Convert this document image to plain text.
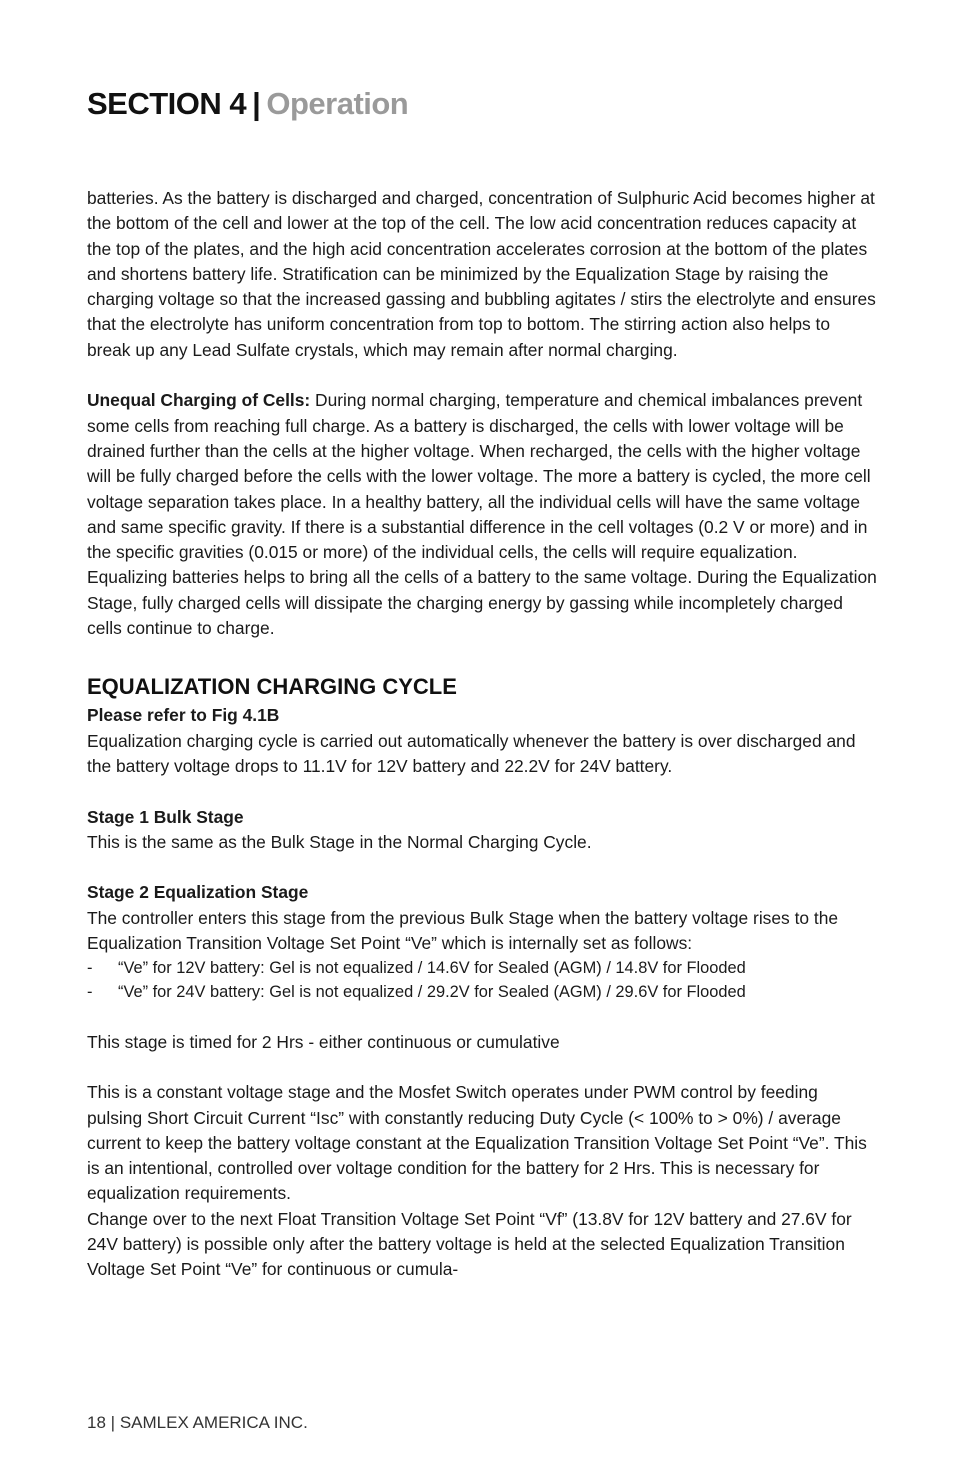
SECTION 4 | Operation

batteries. As the battery is discharged and charged, concentration of Sulphuric Acid becomes higher at the bottom of the cell and lower at the top of the cell. The low acid concentration reduces capacity at the top of the plates, and the high acid concentration accelerates corrosion at the bottom of the plates and shortens battery life. Stratification can be minimized by the Equalization Stage by raising the charging voltage so that the increased gassing and bubbling agitates / stirs the electrolyte and ensures that the electrolyte has uniform concentration from top to bottom. The stirring action also helps to break up any Lead Sulfate crystals, which may remain after normal charging.

Unequal Charging of Cells: During normal charging, temperature and chemical imbalances prevent some cells from reaching full charge. As a battery is discharged, the cells with lower voltage will be drained further than the cells at the higher voltage. When recharged, the cells with the higher voltage will be fully charged before the cells with the lower voltage. The more a battery is cycled, the more cell voltage separation takes place. In a healthy battery, all the individual cells will have the same voltage and same specific gravity. If there is a substantial difference in the cell voltages (0.2 V or more) and in the specific gravities (0.015 or more) of the individual cells, the cells will require equalization. Equalizing batteries helps to bring all the cells of a battery to the same voltage. During the Equalization Stage, fully charged cells will dissipate the charging energy by gassing while incompletely charged cells continue to charge.

EQUALIZATION CHARGING CYCLE

Please refer to Fig 4.1B

Equalization charging cycle is carried out automatically whenever the battery is over discharged and the battery voltage drops to 11.1V for 12V battery and 22.2V for 24V battery.

Stage 1 Bulk Stage

This is the same as the Bulk Stage in the Normal Charging Cycle.

Stage 2 Equalization Stage

The controller enters this stage from the previous Bulk Stage when the battery voltage rises to the Equalization Transition Voltage Set Point “Ve” which is internally set as follows:

-	“Ve” for 12V battery: Gel is not equalized / 14.6V for Sealed (AGM) / 14.8V for Flooded
-	“Ve” for 24V battery: Gel is not equalized / 29.2V for Sealed (AGM) / 29.6V for Flooded

This stage is timed for 2 Hrs - either continuous or cumulative

This is a constant voltage stage and the Mosfet Switch operates under PWM control by feeding pulsing Short Circuit Current “Isc” with constantly reducing Duty Cycle (< 100% to > 0%) / average current to keep the battery voltage constant at the Equalization Transition Voltage Set Point “Ve”. This is an intentional, controlled over voltage condition for the battery for 2 Hrs. This is necessary for equalization requirements.

Change over to the next Float Transition Voltage Set Point “Vf” (13.8V for 12V battery and 27.6V for 24V battery) is possible only after the battery voltage is held at the selected Equalization Transition Voltage Set Point “Ve” for continuous or cumula-

18 | SAMLEX AMERICA INC.
